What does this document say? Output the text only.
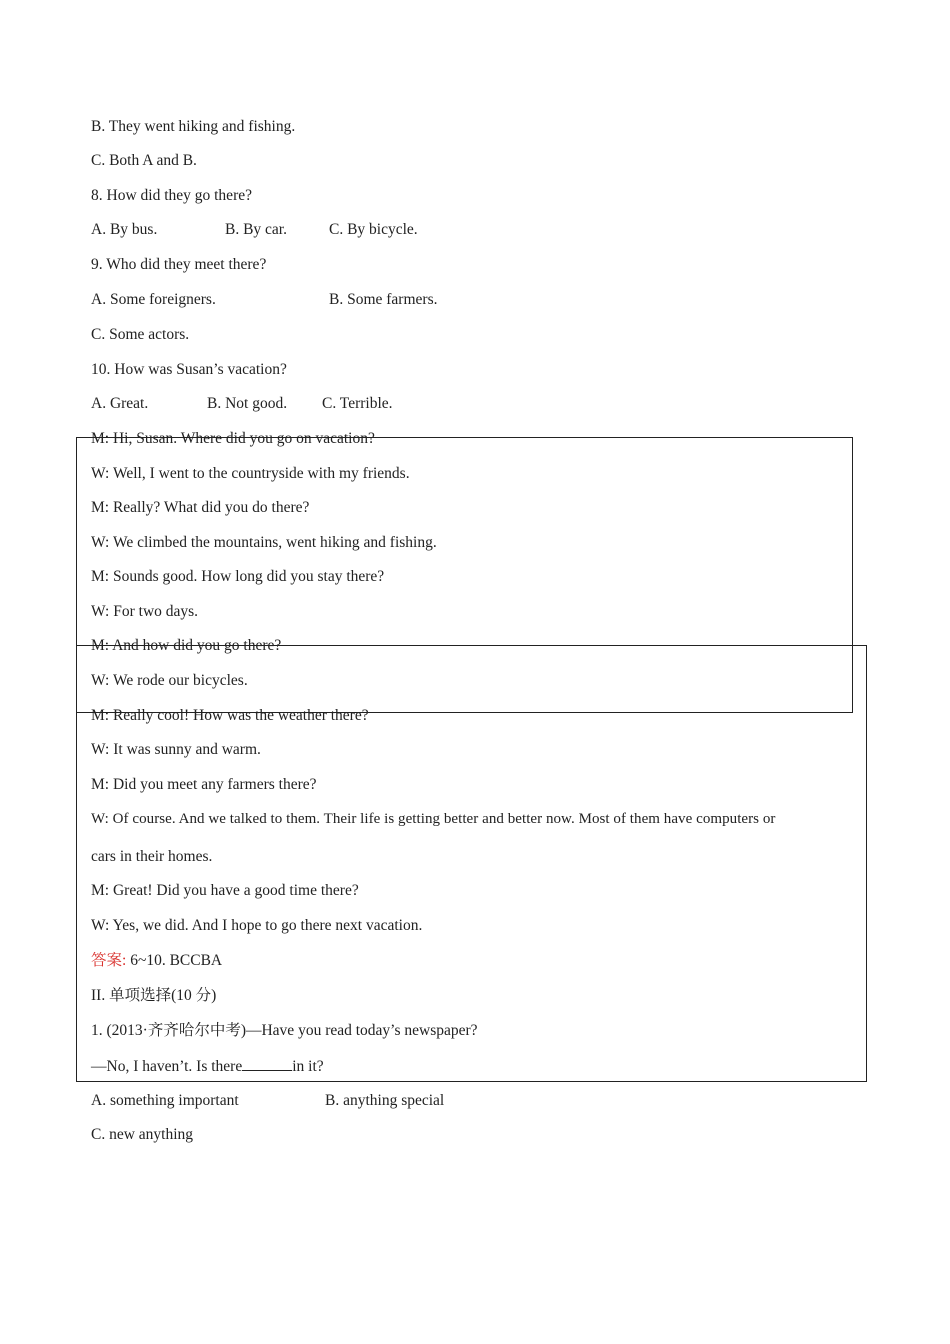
B. They went hiking and fishing.
C. Both A and B.
8. How did they go there?
A. By bus.	B. By car.	C. By bicycle.
9. Who did they meet there?
A. Some foreigners.	B. Some farmers.
C. Some actors.
10. How was Susan’s vacation?
A. Great.	B. Not good. C. Terrible.
M: Hi, Susan. Where did you go on vacation?
W: Well, I went to the countryside with my friends.
M: Really? What did you do there?
W: We climbed the mountains, went hiking and fishing.
M: Sounds good. How long did you stay there?
W: For two days.
M: And how did you go there?
W: We rode our bicycles.
M: Really cool! How was the weather there?
W: It was sunny and warm.
M: Did you meet any farmers there?
W: Of course. And we talked to them. Their life is getting better and better now. Most of them have computers or
cars in their homes.
M: Great! Did you have a good time there?
W: Yes, we did. And I hope to go there next vacation.
答案: 6~10. BCCBA
II. 单项选择(10 分)
1. (2013·齐齐哈尔中考)—Have you read today’s newspaper?
—No, I haven’t. Is there	in it?
A. something important	B. anything special
C. new anything
